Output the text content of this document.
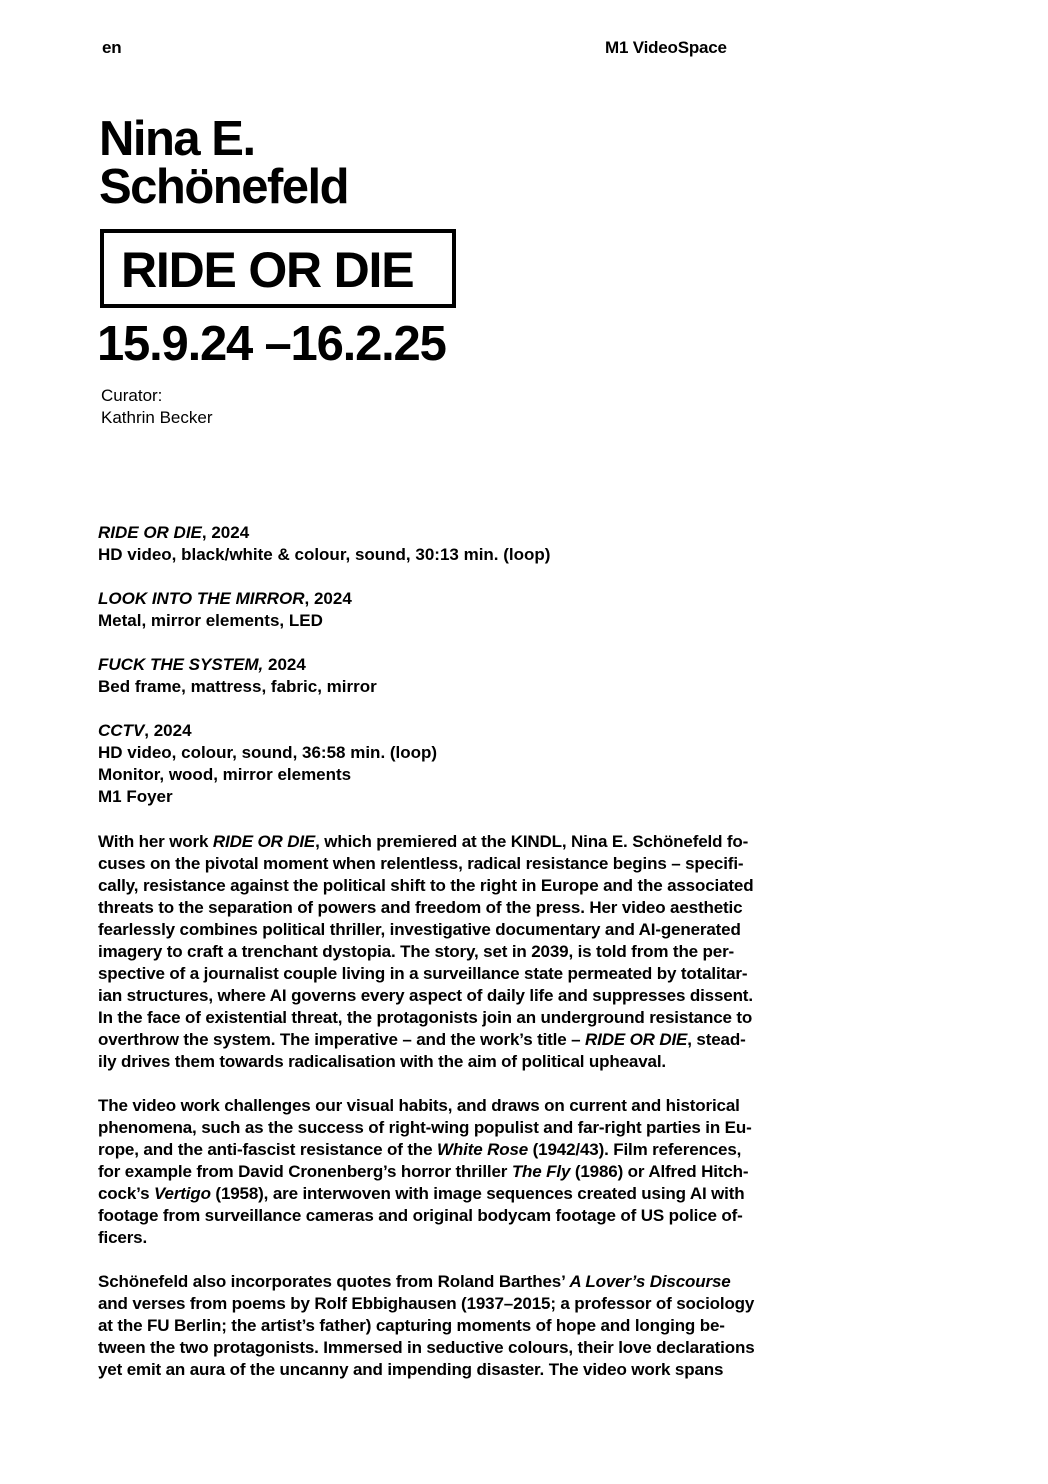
en	M1 VideoSpace
Nina E.
Schönefeld
RIDE OR DIE
15.9.24 –16.2.25
Curator:
Kathrin Becker
RIDE OR DIE, 2024
HD video, black/white & colour, sound, 30:13 min. (loop)
LOOK INTO THE MIRROR, 2024
Metal, mirror elements, LED
FUCK THE SYSTEM, 2024
Bed frame, mattress, fabric, mirror
CCTV, 2024
HD video, colour, sound, 36:58 min. (loop)
Monitor, wood, mirror elements
M1 Foyer
With her work RIDE OR DIE, which premiered at the KINDL, Nina E. Schönefeld fo-
cuses on the pivotal moment when relentless, radical resistance begins – specifi-
cally, resistance against the political shift to the right in Europe and the associated
threats to the separation of powers and freedom of the press. Her video aesthetic
fearlessly combines political thriller, investigative documentary and AI-generated
imagery to craft a trenchant dystopia. The story, set in 2039, is told from the per-
spective of a journalist couple living in a surveillance state permeated by totalitar-
ian structures, where AI governs every aspect of daily life and suppresses dissent.
In the face of existential threat, the protagonists join an underground resistance to
overthrow the system. The imperative – and the work’s title – RIDE OR DIE, stead-
ily drives them towards radicalisation with the aim of political upheaval.
The video work challenges our visual habits, and draws on current and historical
phenomena, such as the success of right-wing populist and far-right parties in Eu-
rope, and the anti-fascist resistance of the White Rose (1942/43). Film references,
for example from David Cronenberg’s horror thriller The Fly (1986) or Alfred Hitch-
cock’s Vertigo (1958), are interwoven with image sequences created using AI with
footage from surveillance cameras and original bodycam footage of US police of-
ficers.
Schönefeld also incorporates quotes from Roland Barthes’ A Lover’s Discourse
and verses from poems by Rolf Ebbighausen (1937–2015; a professor of sociology
at the FU Berlin; the artist’s father) capturing moments of hope and longing be-
tween the two protagonists. Immersed in seductive colours, their love declarations
yet emit an aura of the uncanny and impending disaster. The video work spans
